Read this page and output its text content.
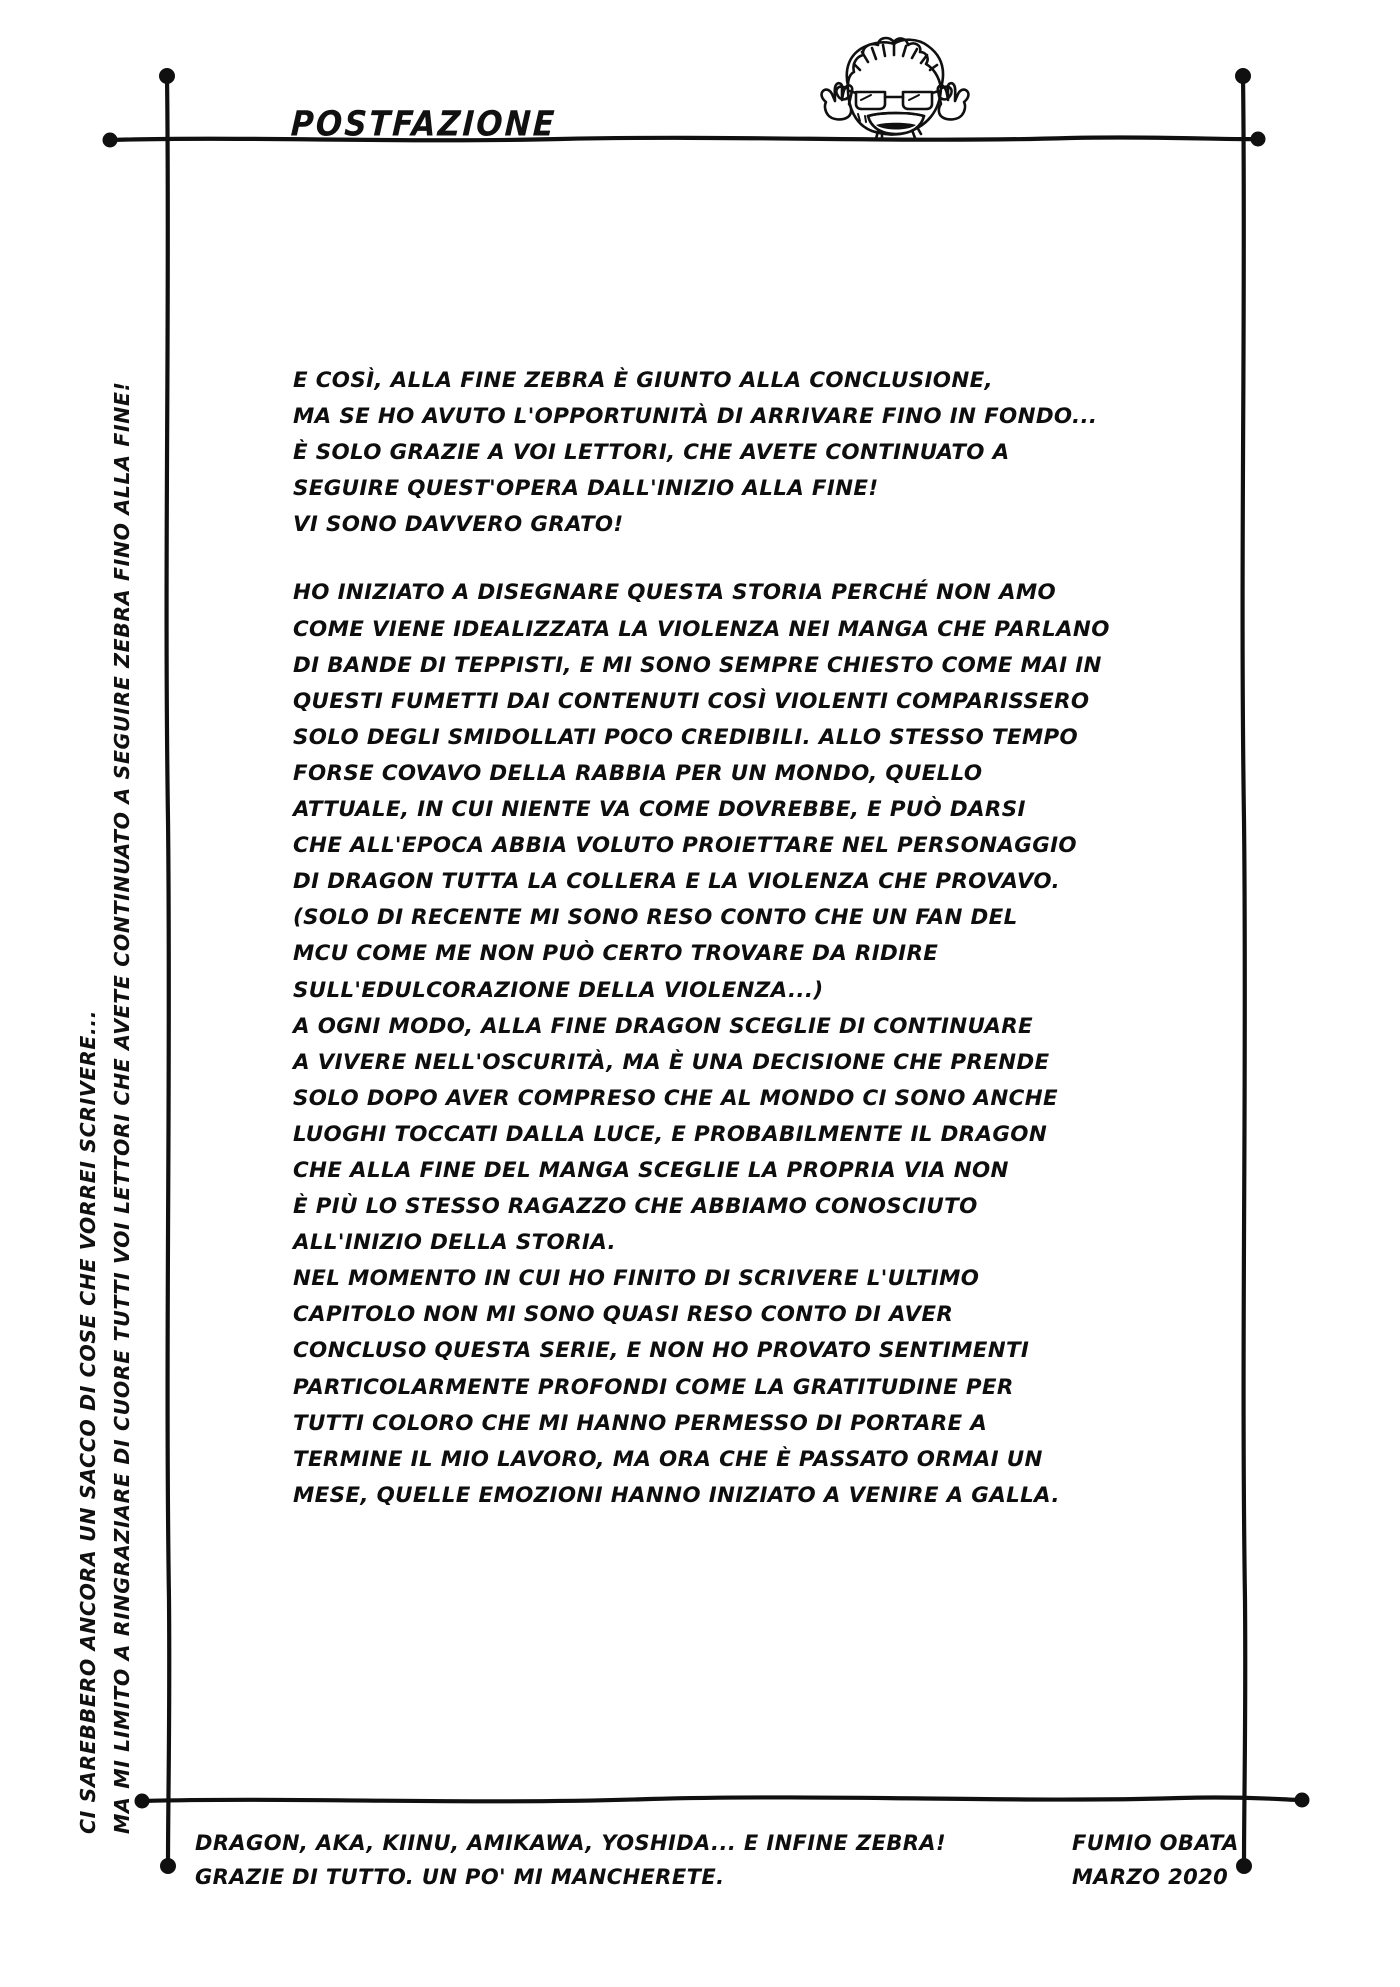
POSTFAZIONE
CI SAREBBERO ANCORA UN SACCO DI COSE CHE VORREI SCRIVERE... MA MI LIMITO A RINGRAZIARE DI CUORE TUTTI VOI LETTORI CHE AVETE CONTINUATO A SEGUIRE ZEBRA FINO ALLA FINE!

E COSÌ, ALLA FINE ZEBRA È GIUNTO ALLA CONCLUSIONE,
MA SE HO AVUTO L'OPPORTUNITÀ DI ARRIVARE FINO IN FONDO...
È SOLO GRAZIE A VOI LETTORI, CHE AVETE CONTINUATO A
SEGUIRE QUEST'OPERA DALL'INIZIO ALLA FINE!
VI SONO DAVVERO GRATO!

HO INIZIATO A DISEGNARE QUESTA STORIA PERCHÉ NON AMO
COME VIENE IDEALIZZATA LA VIOLENZA NEI MANGA CHE PARLANO
DI BANDE DI TEPPISTI, E MI SONO SEMPRE CHIESTO COME MAI IN
QUESTI FUMETTI DAI CONTENUTI COSÌ VIOLENTI COMPARISSERO
SOLO DEGLI SMIDOLLATI POCO CREDIBILI. ALLO STESSO TEMPO
FORSE COVAVO DELLA RABBIA PER UN MONDO, QUELLO
ATTUALE, IN CUI NIENTE VA COME DOVREBBE, E PUÒ DARSI
CHE ALL'EPOCA ABBIA VOLUTO PROIETTARE NEL PERSONAGGIO
DI DRAGON TUTTA LA COLLERA E LA VIOLENZA CHE PROVAVO.
(SOLO DI RECENTE MI SONO RESO CONTO CHE UN FAN DEL
MCU COME ME NON PUÒ CERTO TROVARE DA RIDIRE
SULL'EDULCORAZIONE DELLA VIOLENZA...)
A OGNI MODO, ALLA FINE DRAGON SCEGLIE DI CONTINUARE
A VIVERE NELL'OSCURITÀ, MA È UNA DECISIONE CHE PRENDE
SOLO DOPO AVER COMPRESO CHE AL MONDO CI SONO ANCHE
LUOGHI TOCCATI DALLA LUCE, E PROBABILMENTE IL DRAGON
CHE ALLA FINE DEL MANGA SCEGLIE LA PROPRIA VIA NON
È PIÙ LO STESSO RAGAZZO CHE ABBIAMO CONOSCIUTO
ALL'INIZIO DELLA STORIA.
NEL MOMENTO IN CUI HO FINITO DI SCRIVERE L'ULTIMO
CAPITOLO NON MI SONO QUASI RESO CONTO DI AVER
CONCLUSO QUESTA SERIE, E NON HO PROVATO SENTIMENTI
PARTICOLARMENTE PROFONDI COME LA GRATITUDINE PER
TUTTI COLORO CHE MI HANNO PERMESSO DI PORTARE A
TERMINE IL MIO LAVORO, MA ORA CHE È PASSATO ORMAI UN
MESE, QUELLE EMOZIONI HANNO INIZIATO A VENIRE A GALLA.

DRAGON, AKA, KIINU, AMIKAWA, YOSHIDA... E INFINE ZEBRA!
GRAZIE DI TUTTO. UN PO' MI MANCHERETE.
FUMIO OBATA
MARZO 2020
